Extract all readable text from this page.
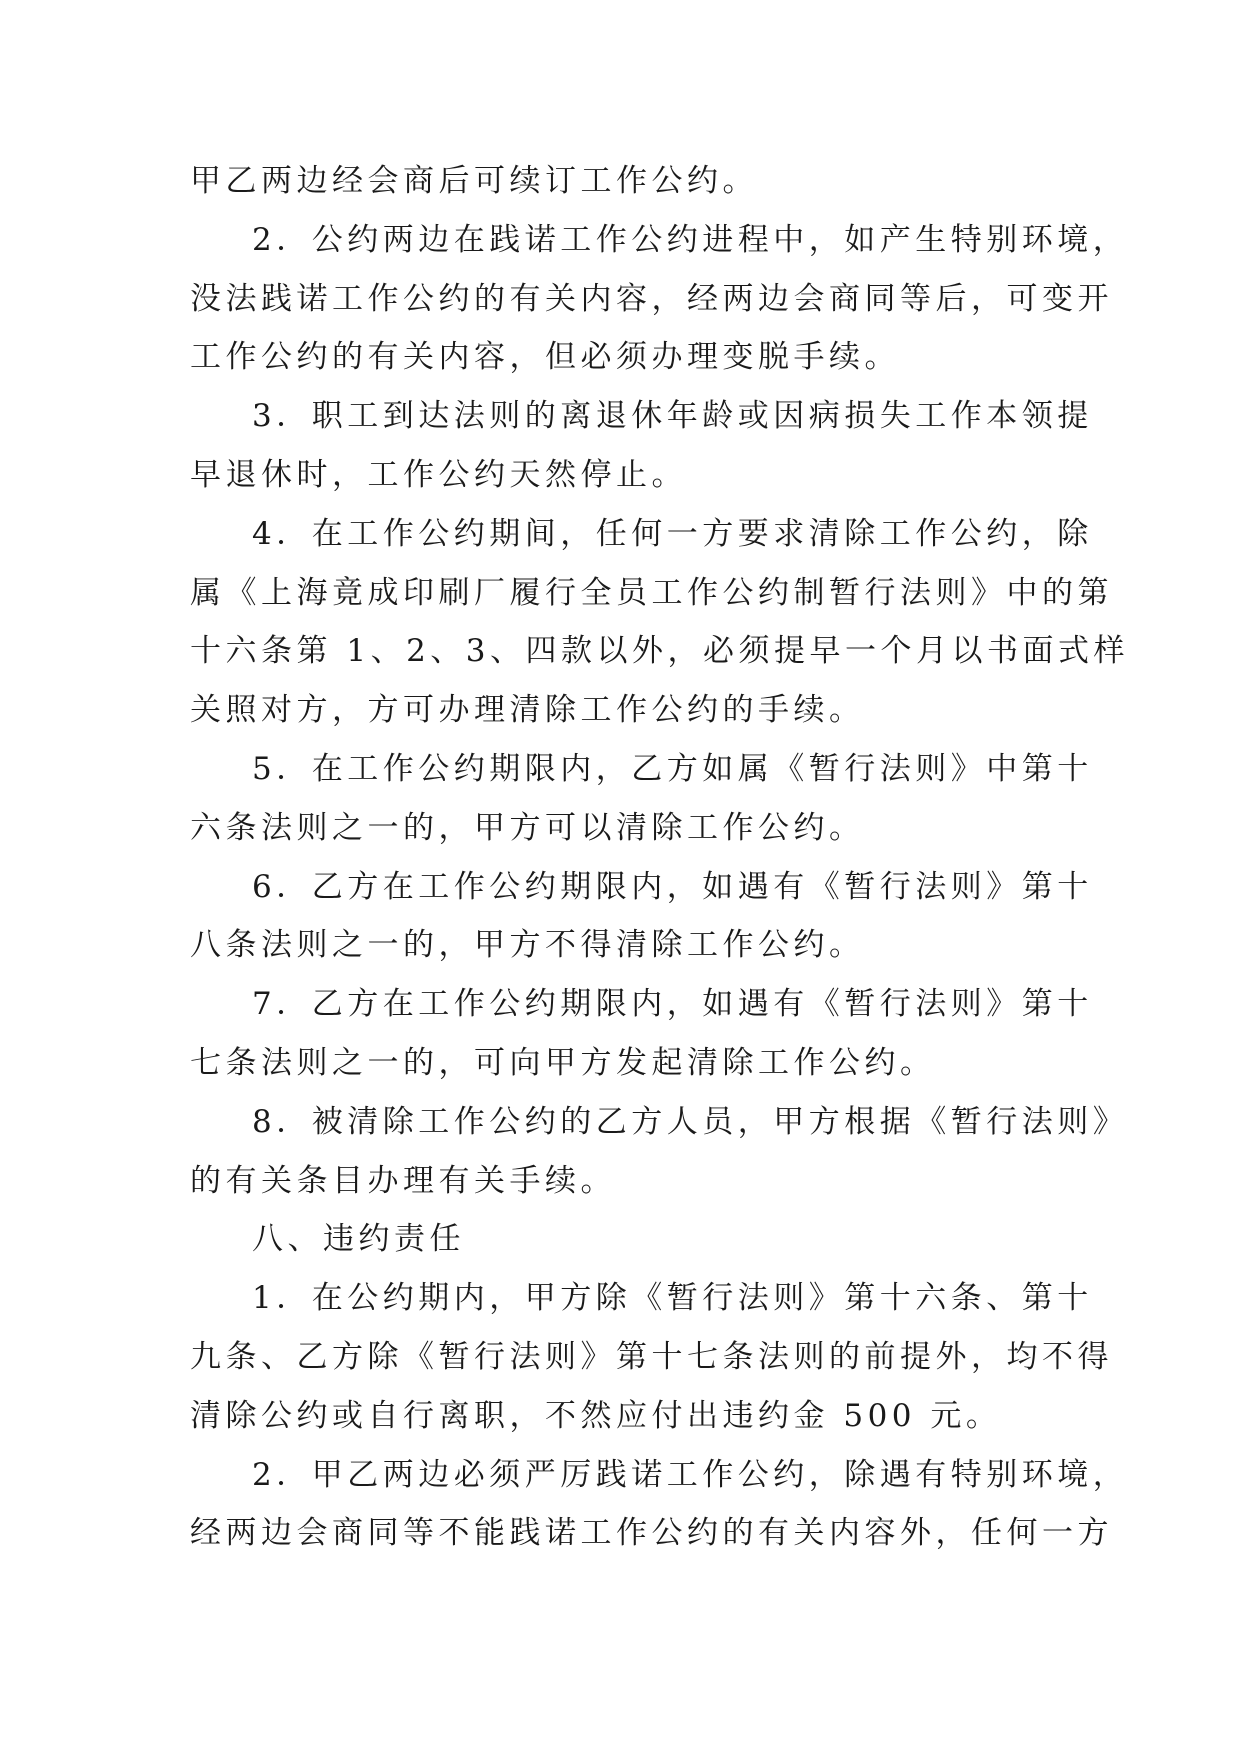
甲乙两边经会商后可续订工作公约。
2．公约两边在践诺工作公约进程中，如产生特别环境，
没法践诺工作公约的有关内容，经两边会商同等后，可变开
工作公约的有关内容，但必须办理变脱手续。
3．职工到达法则的离退休年龄或因病损失工作本领提
早退休时，工作公约天然停止。
4．在工作公约期间，任何一方要求清除工作公约，除
属《上海竟成印刷厂履行全员工作公约制暂行法则》中的第
十六条第 1、2、3、四款以外，必须提早一个月以书面式样
关照对方，方可办理清除工作公约的手续。
5．在工作公约期限内，乙方如属《暂行法则》中第十
六条法则之一的，甲方可以清除工作公约。
6．乙方在工作公约期限内，如遇有《暂行法则》第十
八条法则之一的，甲方不得清除工作公约。
7．乙方在工作公约期限内，如遇有《暂行法则》第十
七条法则之一的，可向甲方发起清除工作公约。
8．被清除工作公约的乙方人员，甲方根据《暂行法则》
的有关条目办理有关手续。
八、违约责任
1．在公约期内，甲方除《暂行法则》第十六条、第十
九条、乙方除《暂行法则》第十七条法则的前提外，均不得
清除公约或自行离职，不然应付出违约金 500 元。
2．甲乙两边必须严厉践诺工作公约，除遇有特别环境，
经两边会商同等不能践诺工作公约的有关内容外，任何一方
